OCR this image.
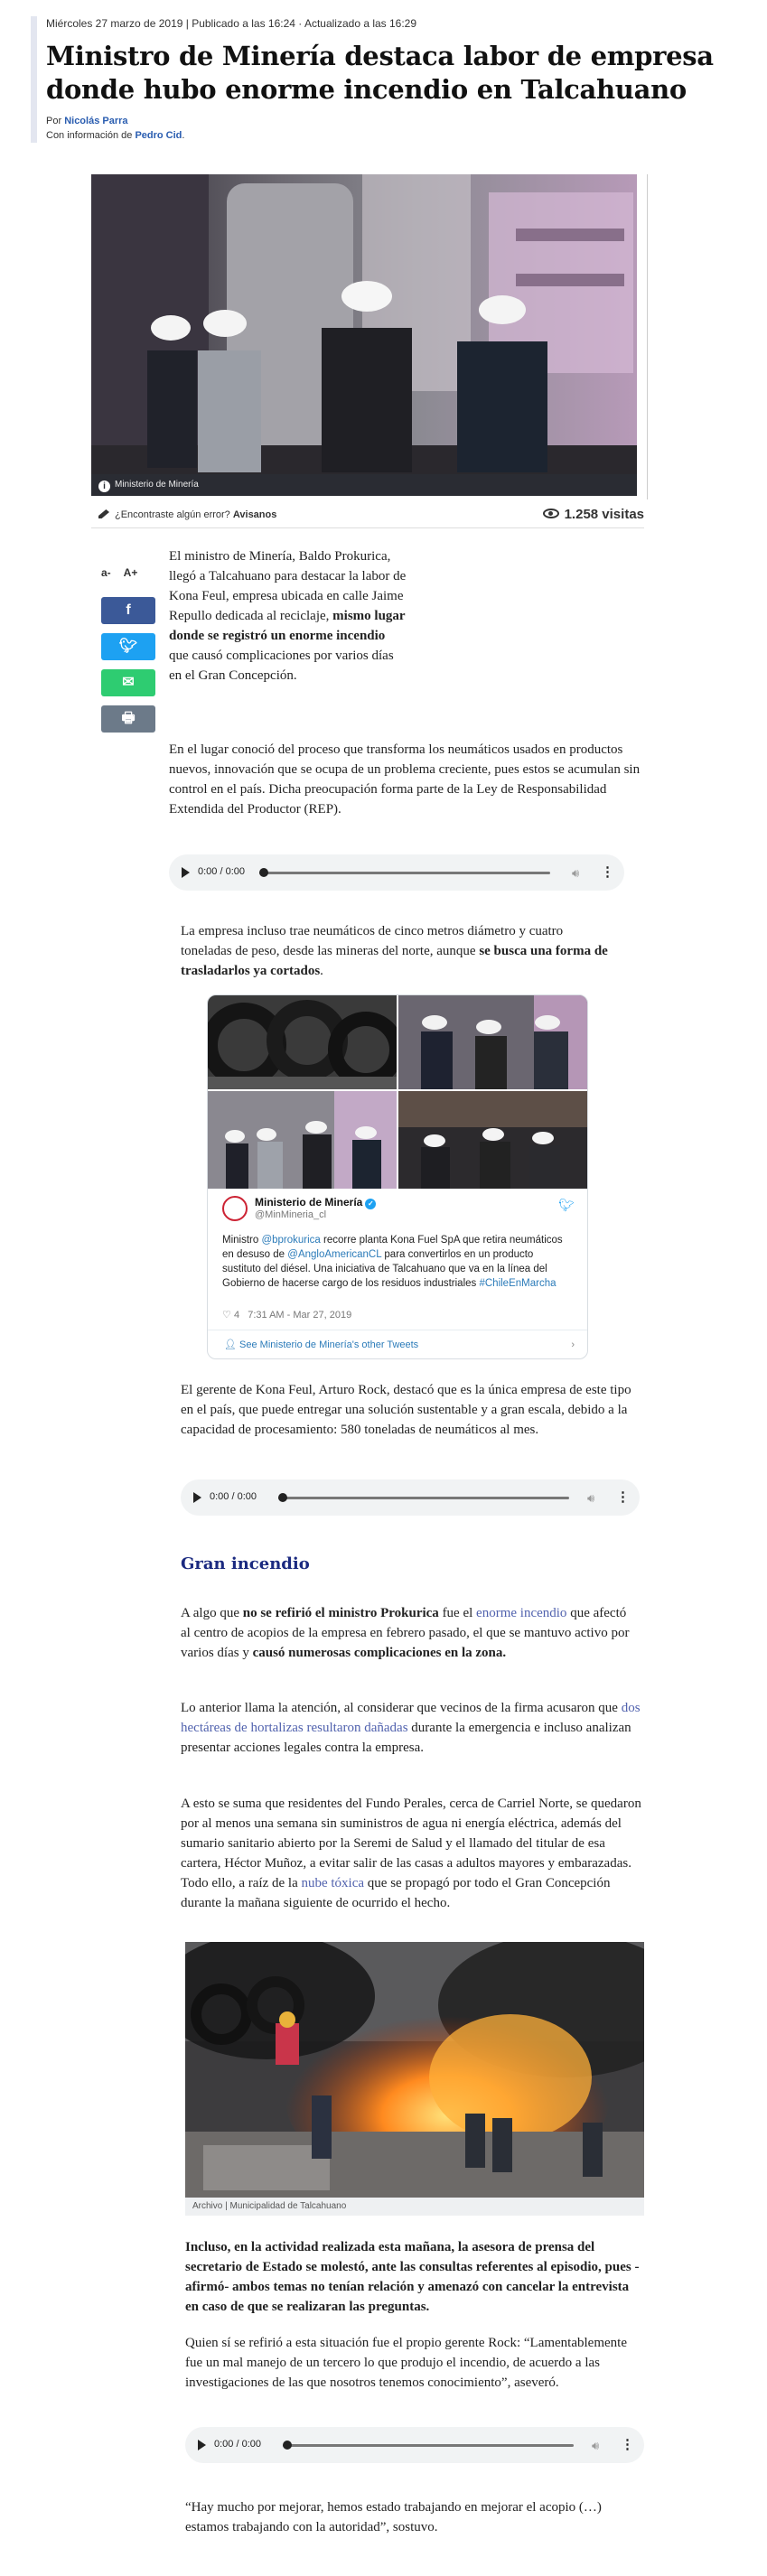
Miércoles 27 marzo de 2019 | Publicado a las 16:24 · Actualizado a las 16:29
Ministro de Minería destaca labor de empresa donde hubo enorme incendio en Talcahuano
Por Nicolás Parra
Con información de Pedro Cid.
i Ministerio de Minería
¿Encontraste algún error? Avisanos	1.258 visitas
a- A+
f
🐦︎
✉
🖶︎

El ministro de Minería, Baldo Prokurica, llegó a Talcahuano para destacar la labor de Kona Feul, empresa ubicada en calle Jaime Repullo dedicada al reciclaje, mismo lugar donde se registró un enorme incendio que causó complicaciones por varios días en el Gran Concepción.

En el lugar conoció del proceso que transforma los neumáticos usados en productos nuevos, innovación que se ocupa de un problema creciente, pues estos se acumulan sin control en el país. Dicha preocupación forma parte de la Ley de Responsabilidad Extendida del Productor (REP).

0:00 / 0:00	🔊︎ ⋮

La empresa incluso trae neumáticos de cinco metros diámetro y cuatro toneladas de peso, desde las mineras del norte, aunque se busca una forma de trasladarlos ya cortados.

Ministerio de Minería ✓
@MinMineria_cl
🐦︎
Ministro @bprokurica recorre planta Kona Fuel SpA que retira neumáticos en desuso de @AngloAmericanCL para convertirlos en un producto sustituto del diésel. Una iniciativa de Talcahuano que va en la línea del Gobierno de hacerse cargo de los residuos industriales #ChileEnMarcha
♡ 4 7:31 AM - Mar 27, 2019
👤︎ See Ministerio de Minería's other Tweets	›

El gerente de Kona Feul, Arturo Rock, destacó que es la única empresa de este tipo en el país, que puede entregar una solución sustentable y a gran escala, debido a la capacidad de procesamiento: 580 toneladas de neumáticos al mes.

0:00 / 0:00	🔊︎ ⋮
Gran incendio

A algo que no se refirió el ministro Prokurica fue el enorme incendio que afectó al centro de acopios de la empresa en febrero pasado, el que se mantuvo activo por varios días y causó numerosas complicaciones en la zona.

Lo anterior llama la atención, al considerar que vecinos de la firma acusaron que dos hectáreas de hortalizas resultaron dañadas durante la emergencia e incluso analizan presentar acciones legales contra la empresa.

A esto se suma que residentes del Fundo Perales, cerca de Carriel Norte, se quedaron por al menos una semana sin suministros de agua ni energía eléctrica, además del sumario sanitario abierto por la Seremi de Salud y el llamado del titular de esa cartera, Héctor Muñoz, a evitar salir de las casas a adultos mayores y embarazadas. Todo ello, a raíz de la nube tóxica que se propagó por todo el Gran Concepción durante la mañana siguiente de ocurrido el hecho.

Archivo | Municipalidad de Talcahuano

Incluso, en la actividad realizada esta mañana, la asesora de prensa del secretario de Estado se molestó, ante las consultas referentes al episodio, pues -afirmó- ambos temas no tenían relación y amenazó con cancelar la entrevista en caso de que se realizaran las preguntas.

Quien sí se refirió a esta situación fue el propio gerente Rock: “Lamentablemente fue un mal manejo de un tercero lo que produjo el incendio, de acuerdo a las investigaciones de las que nosotros tenemos conocimiento”, aseveró.

0:00 / 0:00	🔊︎ ⋮

“Hay mucho por mejorar, hemos estado trabajando en mejorar el acopio (…) estamos trabajando con la autoridad”, sostuvo.
